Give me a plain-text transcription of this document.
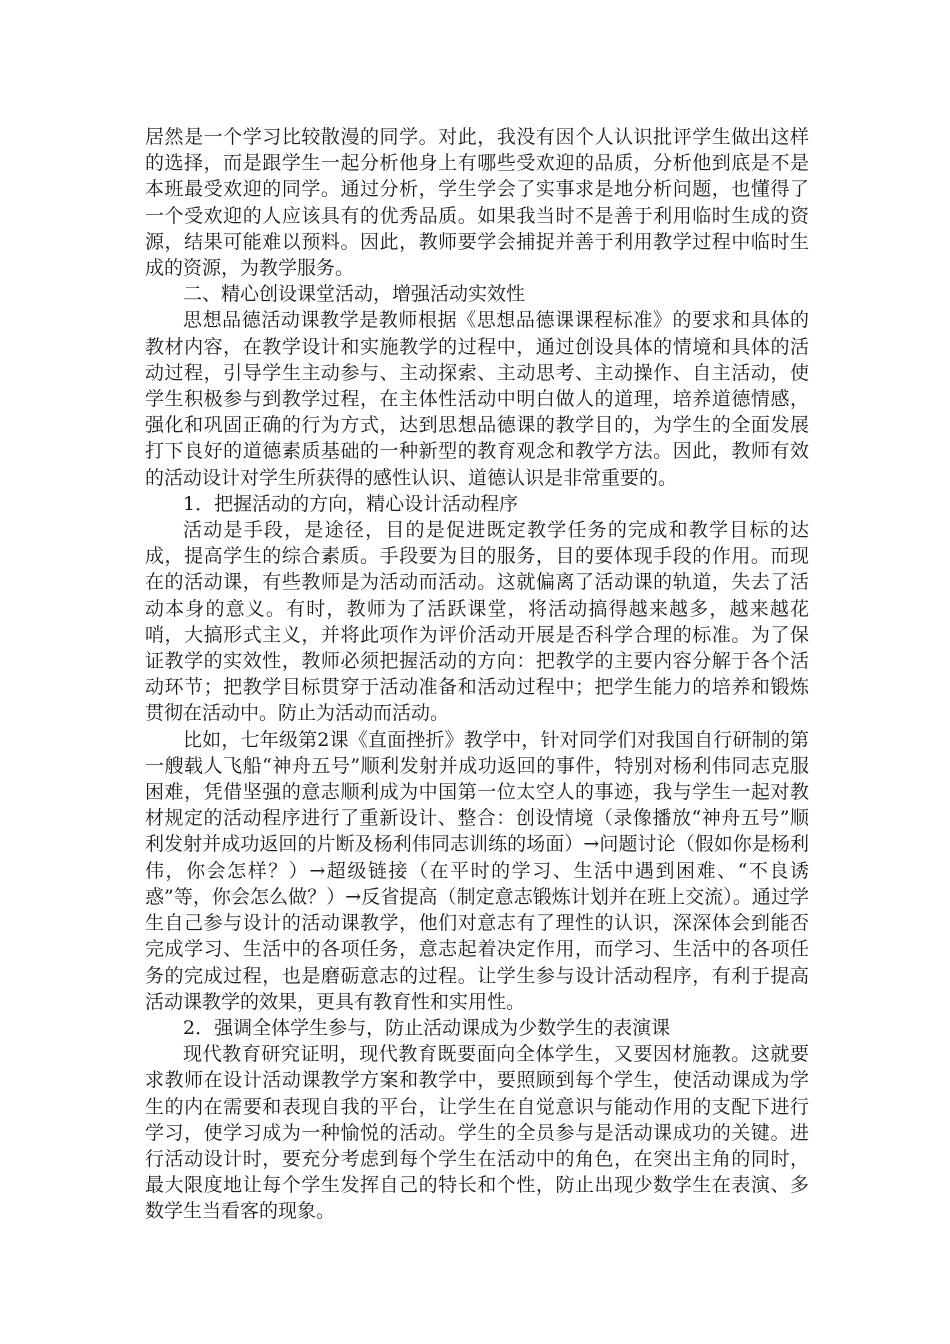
居然是一个学习比较散漫的同学。对此，我没有因个人认识批评学生做出这样的选择，而是跟学生一起分析他身上有哪些受欢迎的品质，分析他到底是不是本班最受欢迎的同学。通过分析，学生学会了实事求是地分析问题，也懂得了一个受欢迎的人应该具有的优秀品质。如果我当时不是善于利用临时生成的资源，结果可能难以预料。因此，教师要学会捕捉并善于利用教学过程中临时生成的资源，为教学服务。

二、精心创设课堂活动，增强活动实效性

思想品德活动课教学是教师根据《思想品德课课程标准》的要求和具体的教材内容，在教学设计和实施教学的过程中，通过创设具体的情境和具体的活动过程，引导学生主动参与、主动探索、主动思考、主动操作、自主活动，使学生积极参与到教学过程，在主体性活动中明白做人的道理，培养道德情感，强化和巩固正确的行为方式，达到思想品德课的教学目的，为学生的全面发展打下良好的道德素质基础的一种新型的教育观念和教学方法。因此，教师有效的活动设计对学生所获得的感性认识、道德认识是非常重要的。

1．把握活动的方向，精心设计活动程序

活动是手段，是途径，目的是促进既定教学任务的完成和教学目标的达成，提高学生的综合素质。手段要为目的服务，目的要体现手段的作用。而现在的活动课，有些教师是为活动而活动。这就偏离了活动课的轨道，失去了活动本身的意义。有时，教师为了活跃课堂，将活动搞得越来越多，越来越花哨，大搞形式主义，并将此项作为评价活动开展是否科学合理的标准。为了保证教学的实效性，教师必须把握活动的方向：把教学的主要内容分解于各个活动环节；把教学目标贯穿于活动准备和活动过程中；把学生能力的培养和锻炼贯彻在活动中。防止为活动而活动。

比如，七年级第2课《直面挫折》教学中，针对同学们对我国自行研制的第一艘载人飞船“神舟五号”顺利发射并成功返回的事件，特别对杨利伟同志克服困难，凭借坚强的意志顺利成为中国第一位太空人的事迹，我与学生一起对教材规定的活动程序进行了重新设计、整合：创设情境（录像播放“神舟五号”顺利发射并成功返回的片断及杨利伟同志训练的场面）→问题讨论（假如你是杨利伟，你会怎样？）→超级链接（在平时的学习、生活中遇到困难、“不良诱惑”等，你会怎么做？）→反省提高（制定意志锻炼计划并在班上交流）。通过学生自己参与设计的活动课教学，他们对意志有了理性的认识，深深体会到能否完成学习、生活中的各项任务，意志起着决定作用，而学习、生活中的各项任务的完成过程，也是磨砺意志的过程。让学生参与设计活动程序，有利于提高活动课教学的效果，更具有教育性和实用性。

2．强调全体学生参与，防止活动课成为少数学生的表演课

现代教育研究证明，现代教育既要面向全体学生，又要因材施教。这就要求教师在设计活动课教学方案和教学中，要照顾到每个学生，使活动课成为学生的内在需要和表现自我的平台，让学生在自觉意识与能动作用的支配下进行学习，使学习成为一种愉悦的活动。学生的全员参与是活动课成功的关键。进行活动设计时，要充分考虑到每个学生在活动中的角色，在突出主角的同时，最大限度地让每个学生发挥自己的特长和个性，防止出现少数学生在表演、多数学生当看客的现象。
